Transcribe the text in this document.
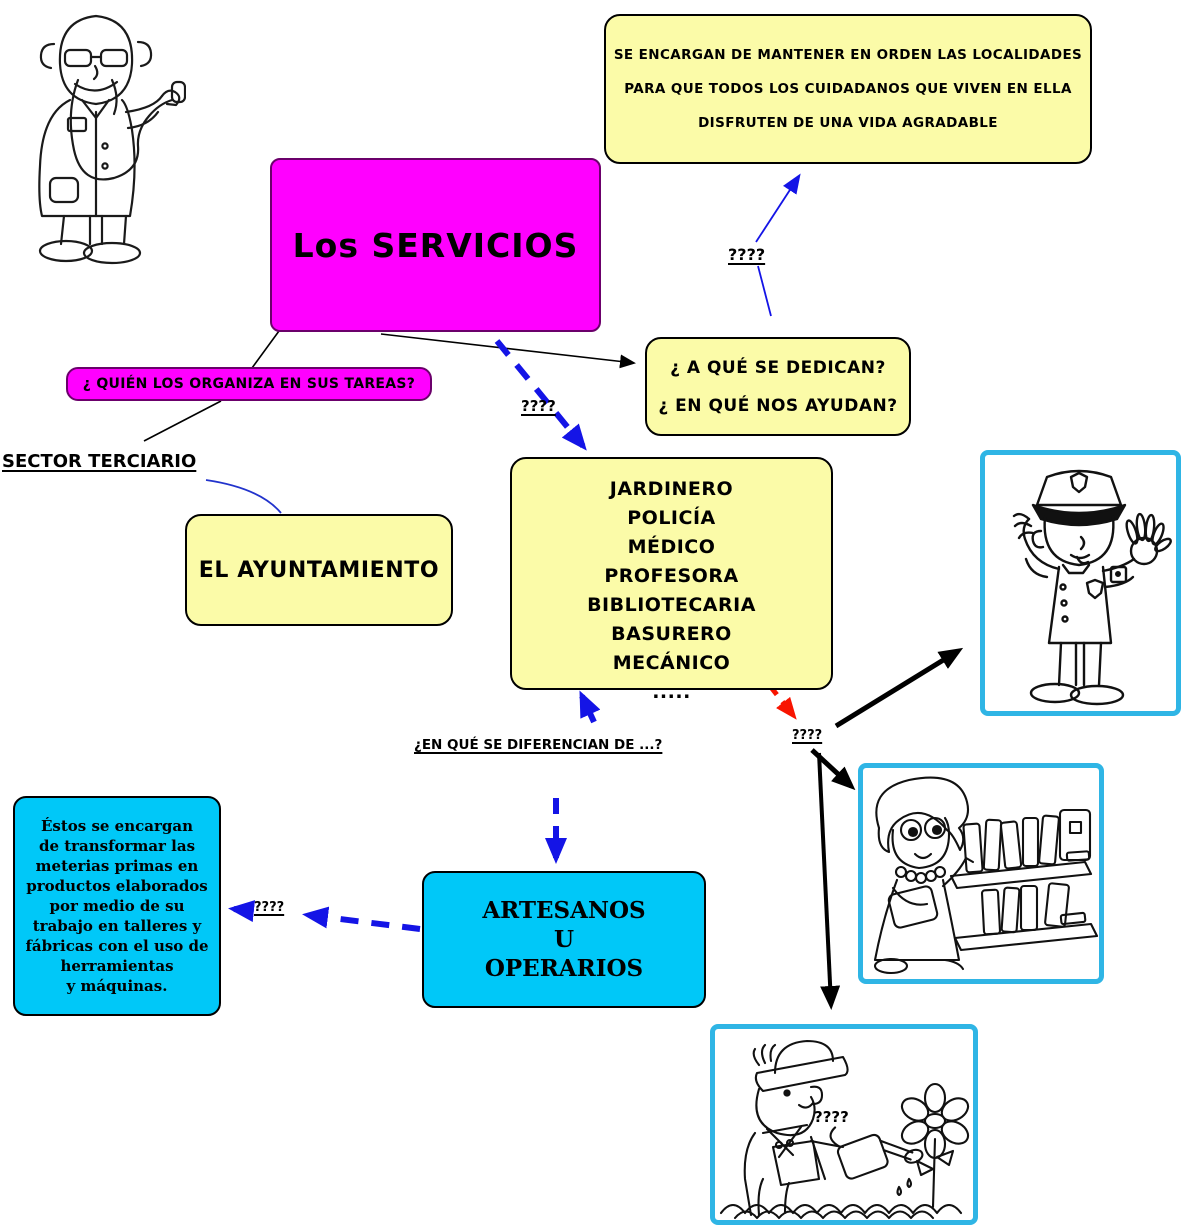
SE ENCARGAN DE MANTENER EN ORDEN LAS LOCALIDADES
PARA QUE TODOS LOS CUIDADANOS QUE VIVEN EN ELLA
DISFRUTEN DE UNA VIDA AGRADABLE
Los SERVICIOS	????
¿ A QUÉ SE DEDICAN?
¿ EN QUÉ NOS AYUDAN?
¿ QUIÉN LOS ORGANIZA EN SUS TAREAS?
SECTOR TERCIARIO
EL AYUNTAMIENTO
????
JARDINERO
POLICÍA
MÉDICO
PROFESORA
BIBLIOTECARIA
BASURERO
MECÁNICO
.....
¿EN QUÉ SE DIFERENCIAN DE ...?
????
ARTESANOS
U
OPERARIOS
????
Éstos se encargan
de transformar las
meterias primas en
productos elaborados
por medio de su
trabajo en talleres y
fábricas con el uso de
herramientas
y máquinas.
????
